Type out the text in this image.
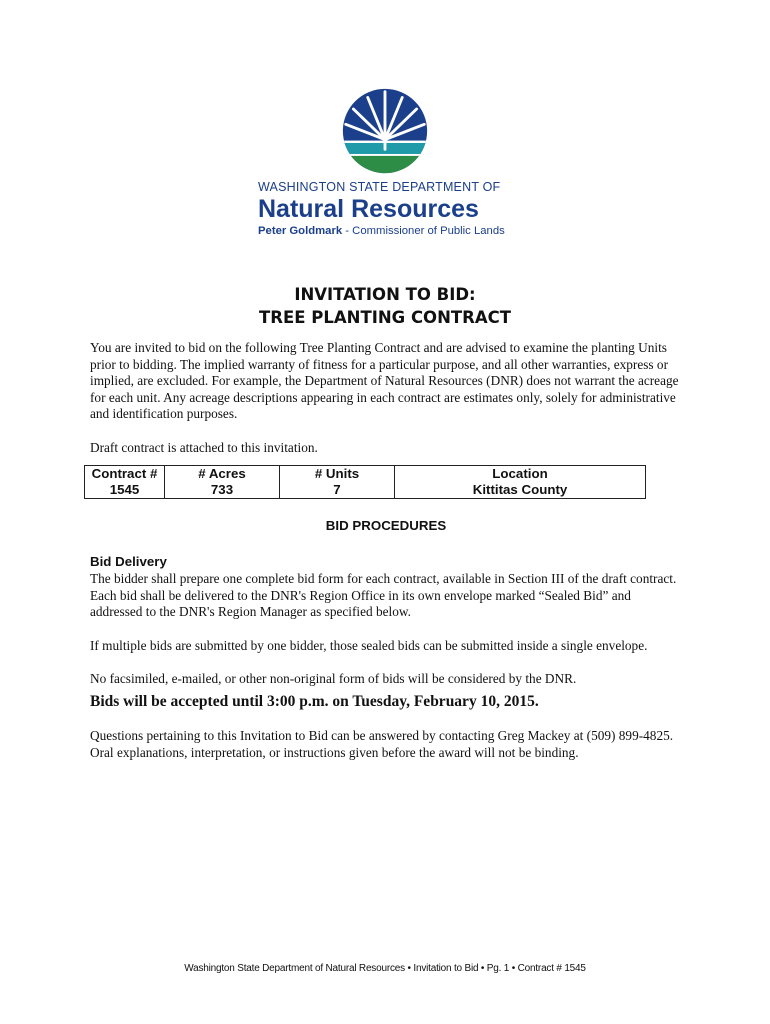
WASHINGTON STATE DEPARTMENT OF
Natural Resources
Peter Goldmark - Commissioner of Public Lands
INVITATION TO BID:
TREE PLANTING CONTRACT

You are invited to bid on the following Tree Planting Contract and are advised to examine the planting Units prior to bidding. The implied warranty of fitness for a particular purpose, and all other warranties, express or implied, are excluded. For example, the Department of Natural Resources (DNR) does not warrant the acreage for each unit. Any acreage descriptions appearing in each contract are estimates only, solely for administrative and identification purposes.

Draft contract is attached to this invitation.

Contract #	# Acres	# Units	Location
1545	733	7	Kittitas County
BID PROCEDURES
Bid Delivery

The bidder shall prepare one complete bid form for each contract, available in Section III of the draft contract. Each bid shall be delivered to the DNR's Region Office in its own envelope marked “Sealed Bid” and addressed to the DNR's Region Manager as specified below.

If multiple bids are submitted by one bidder, those sealed bids can be submitted inside a single envelope.

No facsimiled, e-mailed, or other non-original form of bids will be considered by the DNR.

Bids will be accepted until 3:00 p.m. on Tuesday, February 10, 2015.

Questions pertaining to this Invitation to Bid can be answered by contacting Greg Mackey at (509) 899-4825. Oral explanations, interpretation, or instructions given before the award will not be binding.

Washington State Department of Natural Resources • Invitation to Bid • Pg. 1 • Contract # 1545
